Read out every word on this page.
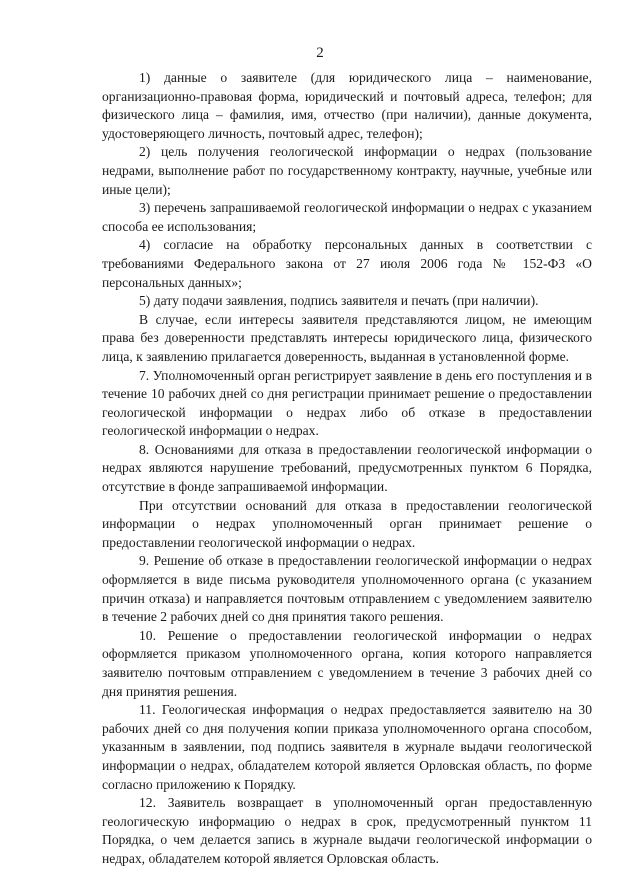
2

1) данные о заявителе (для юридического лица – наименование, организационно-правовая форма, юридический и почтовый адреса, телефон; для физического лица – фамилия, имя, отчество (при наличии), данные документа, удостоверяющего личность, почтовый адрес, телефон);

2) цель получения геологической информации о недрах (пользование недрами, выполнение работ по государственному контракту, научные, учебные или иные цели);

3) перечень запрашиваемой геологической информации о недрах с указанием способа ее использования;

4) согласие на обработку персональных данных в соответствии с требованиями Федерального закона от 27 июля 2006 года № 152-ФЗ «О персональных данных»;

5) дату подачи заявления, подпись заявителя и печать (при наличии).

В случае, если интересы заявителя представляются лицом, не имеющим права без доверенности представлять интересы юридического лица, физического лица, к заявлению прилагается доверенность, выданная в установленной форме.

7. Уполномоченный орган регистрирует заявление в день его поступления и в течение 10 рабочих дней со дня регистрации принимает решение о предоставлении геологической информации о недрах либо об отказе в предоставлении геологической информации о недрах.

8. Основаниями для отказа в предоставлении геологической информации о недрах являются нарушение требований, предусмотренных пунктом 6 Порядка, отсутствие в фонде запрашиваемой информации.

При отсутствии оснований для отказа в предоставлении геологической информации о недрах уполномоченный орган принимает решение о предоставлении геологической информации о недрах.

9. Решение об отказе в предоставлении геологической информации о недрах оформляется в виде письма руководителя уполномоченного органа (с указанием причин отказа) и направляется почтовым отправлением с уведомлением заявителю в течение 2 рабочих дней со дня принятия такого решения.

10. Решение о предоставлении геологической информации о недрах оформляется приказом уполномоченного органа, копия которого направляется заявителю почтовым отправлением с уведомлением в течение 3 рабочих дней со дня принятия решения.

11. Геологическая информация о недрах предоставляется заявителю на 30 рабочих дней со дня получения копии приказа уполномоченного органа способом, указанным в заявлении, под подпись заявителя в журнале выдачи геологической информации о недрах, обладателем которой является Орловская область, по форме согласно приложению к Порядку.

12. Заявитель возвращает в уполномоченный орган предоставленную геологическую информацию о недрах в срок, предусмотренный пунктом 11 Порядка, о чем делается запись в журнале выдачи геологической информации о недрах, обладателем которой является Орловская область.
